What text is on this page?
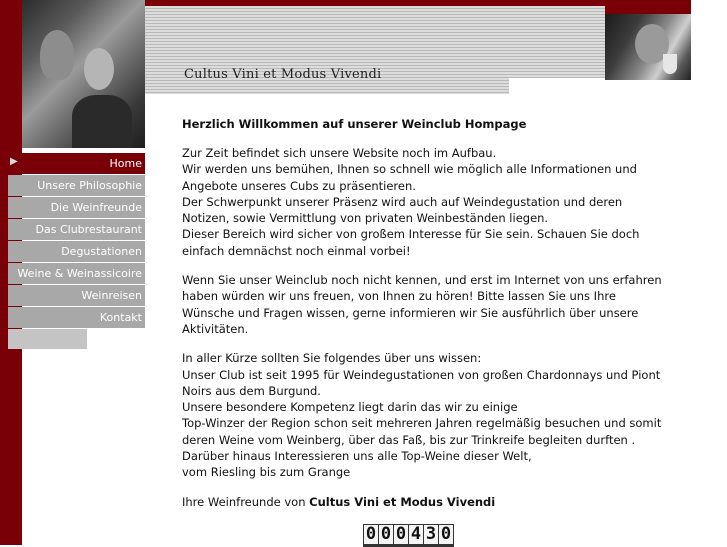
Cultus Vini et Modus Vivendi
▶	Home
Unsere Philosophie
Die Weinfreunde
Das Clubrestaurant
Degustationen
Weine & Weinassicoire
Weinreisen
Kontakt
Herzlich Willkommen auf unserer Weinclub Hompage

Zur Zeit befindet sich unsere Website noch im Aufbau.
Wir werden uns bemühen, Ihnen so schnell wie möglich alle Informationen und Angebote unseres Cubs zu präsentieren.
Der Schwerpunkt unserer Präsenz wird auch auf Weindegustation und deren Notizen, sowie Vermittlung von privaten Weinbeständen liegen.
Dieser Bereich wird sicher von großem Interesse für Sie sein. Schauen Sie doch einfach demnächst noch einmal vorbei!

Wenn Sie unser Weinclub noch nicht kennen, und erst im Internet von uns erfahren haben würden wir uns freuen, von Ihnen zu hören! Bitte lassen Sie uns Ihre Wünsche und Fragen wissen, gerne informieren wir Sie ausführlich über unsere Aktivitäten.

In aller Kürze sollten Sie folgendes über uns wissen:
Unser Club ist seit 1995 für Weindegustationen von großen Chardonnays und Piont Noirs aus dem Burgund.
Unsere besondere Kompetenz liegt darin das wir zu einige
Top-Winzer der Region schon seit mehreren Jahren regelmäßig besuchen und somit deren Weine vom Weinberg, über das Faß, bis zur Trinkreife begleiten durften .
Darüber hinaus Interessieren uns alle Top-Weine dieser Welt,
vom Riesling bis zum Grange

Ihre Weinfreunde von Cultus Vini et Modus Vivendi
0 0 0 4 3 0
